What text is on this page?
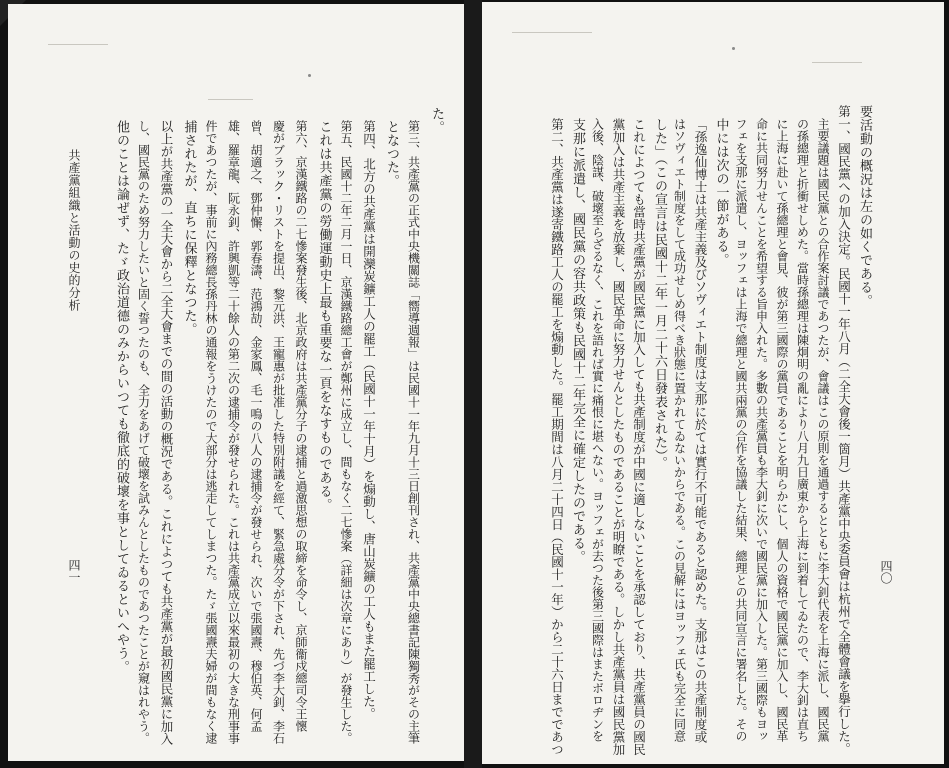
た。
第三、共產黨の正式中央機關誌「嚮導週報」は民國十一年九月十三日創刊され、共產黨中央總書記陳獨秀がその主筆
となつた。
第四、北方の共產黨は開灤炭鑛工人の罷工（民國十一年十月）を煽動し、唐山炭鑛の工人もまた罷工した。
第五、民國十二年二月一日、京漢鐵路總工會が鄭州に成立し、間もなく二七慘案（詳細は次章にあり）が發生した。
これは共產黨の勞働運動史上最も重要な一頁をなすものである。
第六、京漢鐵路の二七慘案發生後、北京政府は共產黨分子の逮捕と過激思想の取締を命令し、京師衞戍總司令王懷
慶がブラック・リストを提出、黎元洪、王寵惠が批准した特別附議を經て、緊急處分令が下され、先づ李大釗、李石
曾、胡適之、鄧仲懈、郭春濤、范鴻劼、金家鳳、毛一鳴の八人の逮捕令が發せられ、次いで張國燾、穆伯英、何孟
雄、羅章龍、阮永釗、許興凱等二十餘人の第二次の逮捕令が發せられた。これは共產黨成立以來最初の大きな刑事事
件であつたが、事前に內務總長孫丹林の通報をうけたので大部分は逃走してしまつた。たゞ張國燾夫婦が間もなく逮
捕されたが、直ちに保釋となつた。
以上が共產黨の一全大會から二全大會までの間の活動の概況である。これによつても共產黨が最初國民黨に加入
し、國民黨のため努力したいと固く誓つたのも、全力をあげて破壞を試みんとしたものであつたことが窺はれやう。
他のことは論ぜず、たゞ政治道德のみからいつても徹底的破壞を事としてゐるといへやう。
共產黨組織と活動の史的分析
四一
要活動の概況は左の如くである。
第一、國民黨への加入決定。民國十一年八月（二全大會後一箇月）共產黨中央委員會は杭州で全體會議を擧行した。
主要議題は國民黨との合作案討議であつたが、會議はこの原則を通過するとともに李大釗代表を上海に派し、國民黨
の孫總理と折衝せしめた。當時孫總理は陳炯明の亂により八月九日廣東から上海に到着してゐたので、李大釗は直ち
に上海に赴いて孫總理と會見、彼が第三國際の黨員であることを明らかにし、個人の資格で國民黨に加入し、國民革
命に共同努力せんことを希望する旨申入れた。多數の共產黨員も李大釗に次いで國民黨に加入した。第三國際もヨッ
フェを支那に派遣し、ヨッフェは上海で總理と國共兩黨の合作を協議した結果、總理との共同宣言に署名した。その
中には次の一節がある。
「孫逸仙博士は共產主義及びソヴィエト制度は支那に於ては實行不可能であると認めた。支那はこの共產制度或
はソヴィエト制度をして成功せしめ得べき狀態に置かれてゐないからである。この見解にはヨッフェ氏も完全に同意
した」（この宣言は民國十二年一月二十六日發表された）。
これによつても當時共產黨が國民黨に加入しても共產制度が中國に適しないことを承認しており、共產黨員の國民
黨加入は共產主義を放棄し、國民革命に努力せんとしたものであることが明瞭である。しかし共產黨員は國民黨加
入後、陰謀、破壞至らざるなく、これを語れば實に痛恨に堪へない。ヨッフェが去つた後第三國際はまたボロヂンを
支那に派遣し、國民黨の容共政策も民國十二年完全に確定したのである。
第二、共產黨は遂寄鐵路工人の罷工を煽動した。罷工期間は八月二十四日（民國十一年）から二十六日までであつ	四〇
